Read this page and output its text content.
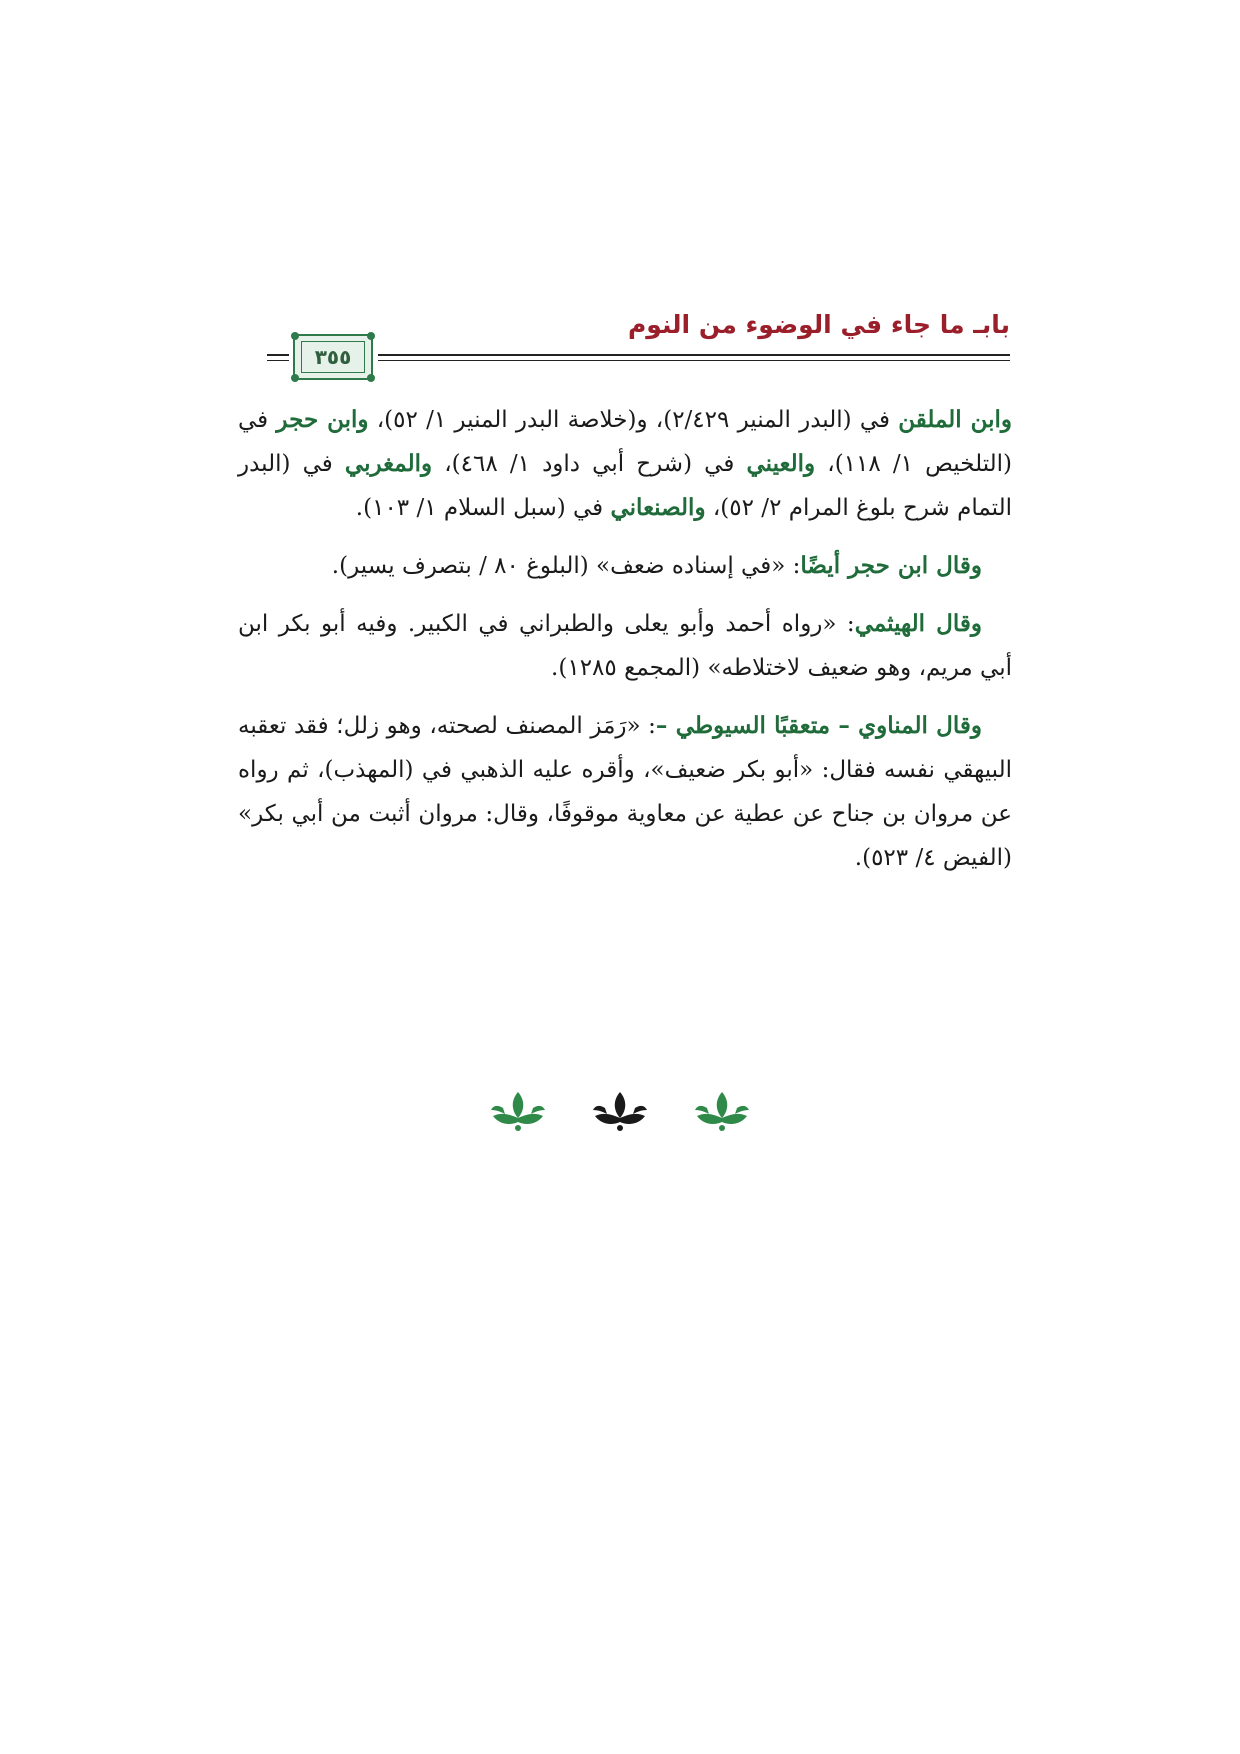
بابـ ما جاء في الوضوء من النوم
٣٥٥

وابن الملقن في (البدر المنير ٢/٤٢٩)، و(خلاصة البدر المنير ١/ ٥٢)، وابن حجر في (التلخيص ١/ ١١٨)، والعيني في (شرح أبي داود ١/ ٤٦٨)، والمغربي في (البدر التمام شرح بلوغ المرام ٢/ ٥٢)، والصنعاني في (سبل السلام ١/ ١٠٣).

وقال ابن حجر أيضًا: «في إسناده ضعف» (البلوغ ٨٠ / بتصرف يسير).

وقال الهيثمي: «رواه أحمد وأبو يعلى والطبراني في الكبير. وفيه أبو بكر ابن أبي مريم، وهو ضعيف لاختلاطه» (المجمع ١٢٨٥).

وقال المناوي – متعقبًا السيوطي –: «رَمَز المصنف لصحته، وهو زلل؛ فقد تعقبه البيهقي نفسه فقال: «أبو بكر ضعيف»، وأقره عليه الذهبي في (المهذب)، ثم رواه عن مروان بن جناح عن عطية عن معاوية موقوفًا، وقال: مروان أثبت من أبي بكر» (الفيض ٤/ ٥٢٣).
